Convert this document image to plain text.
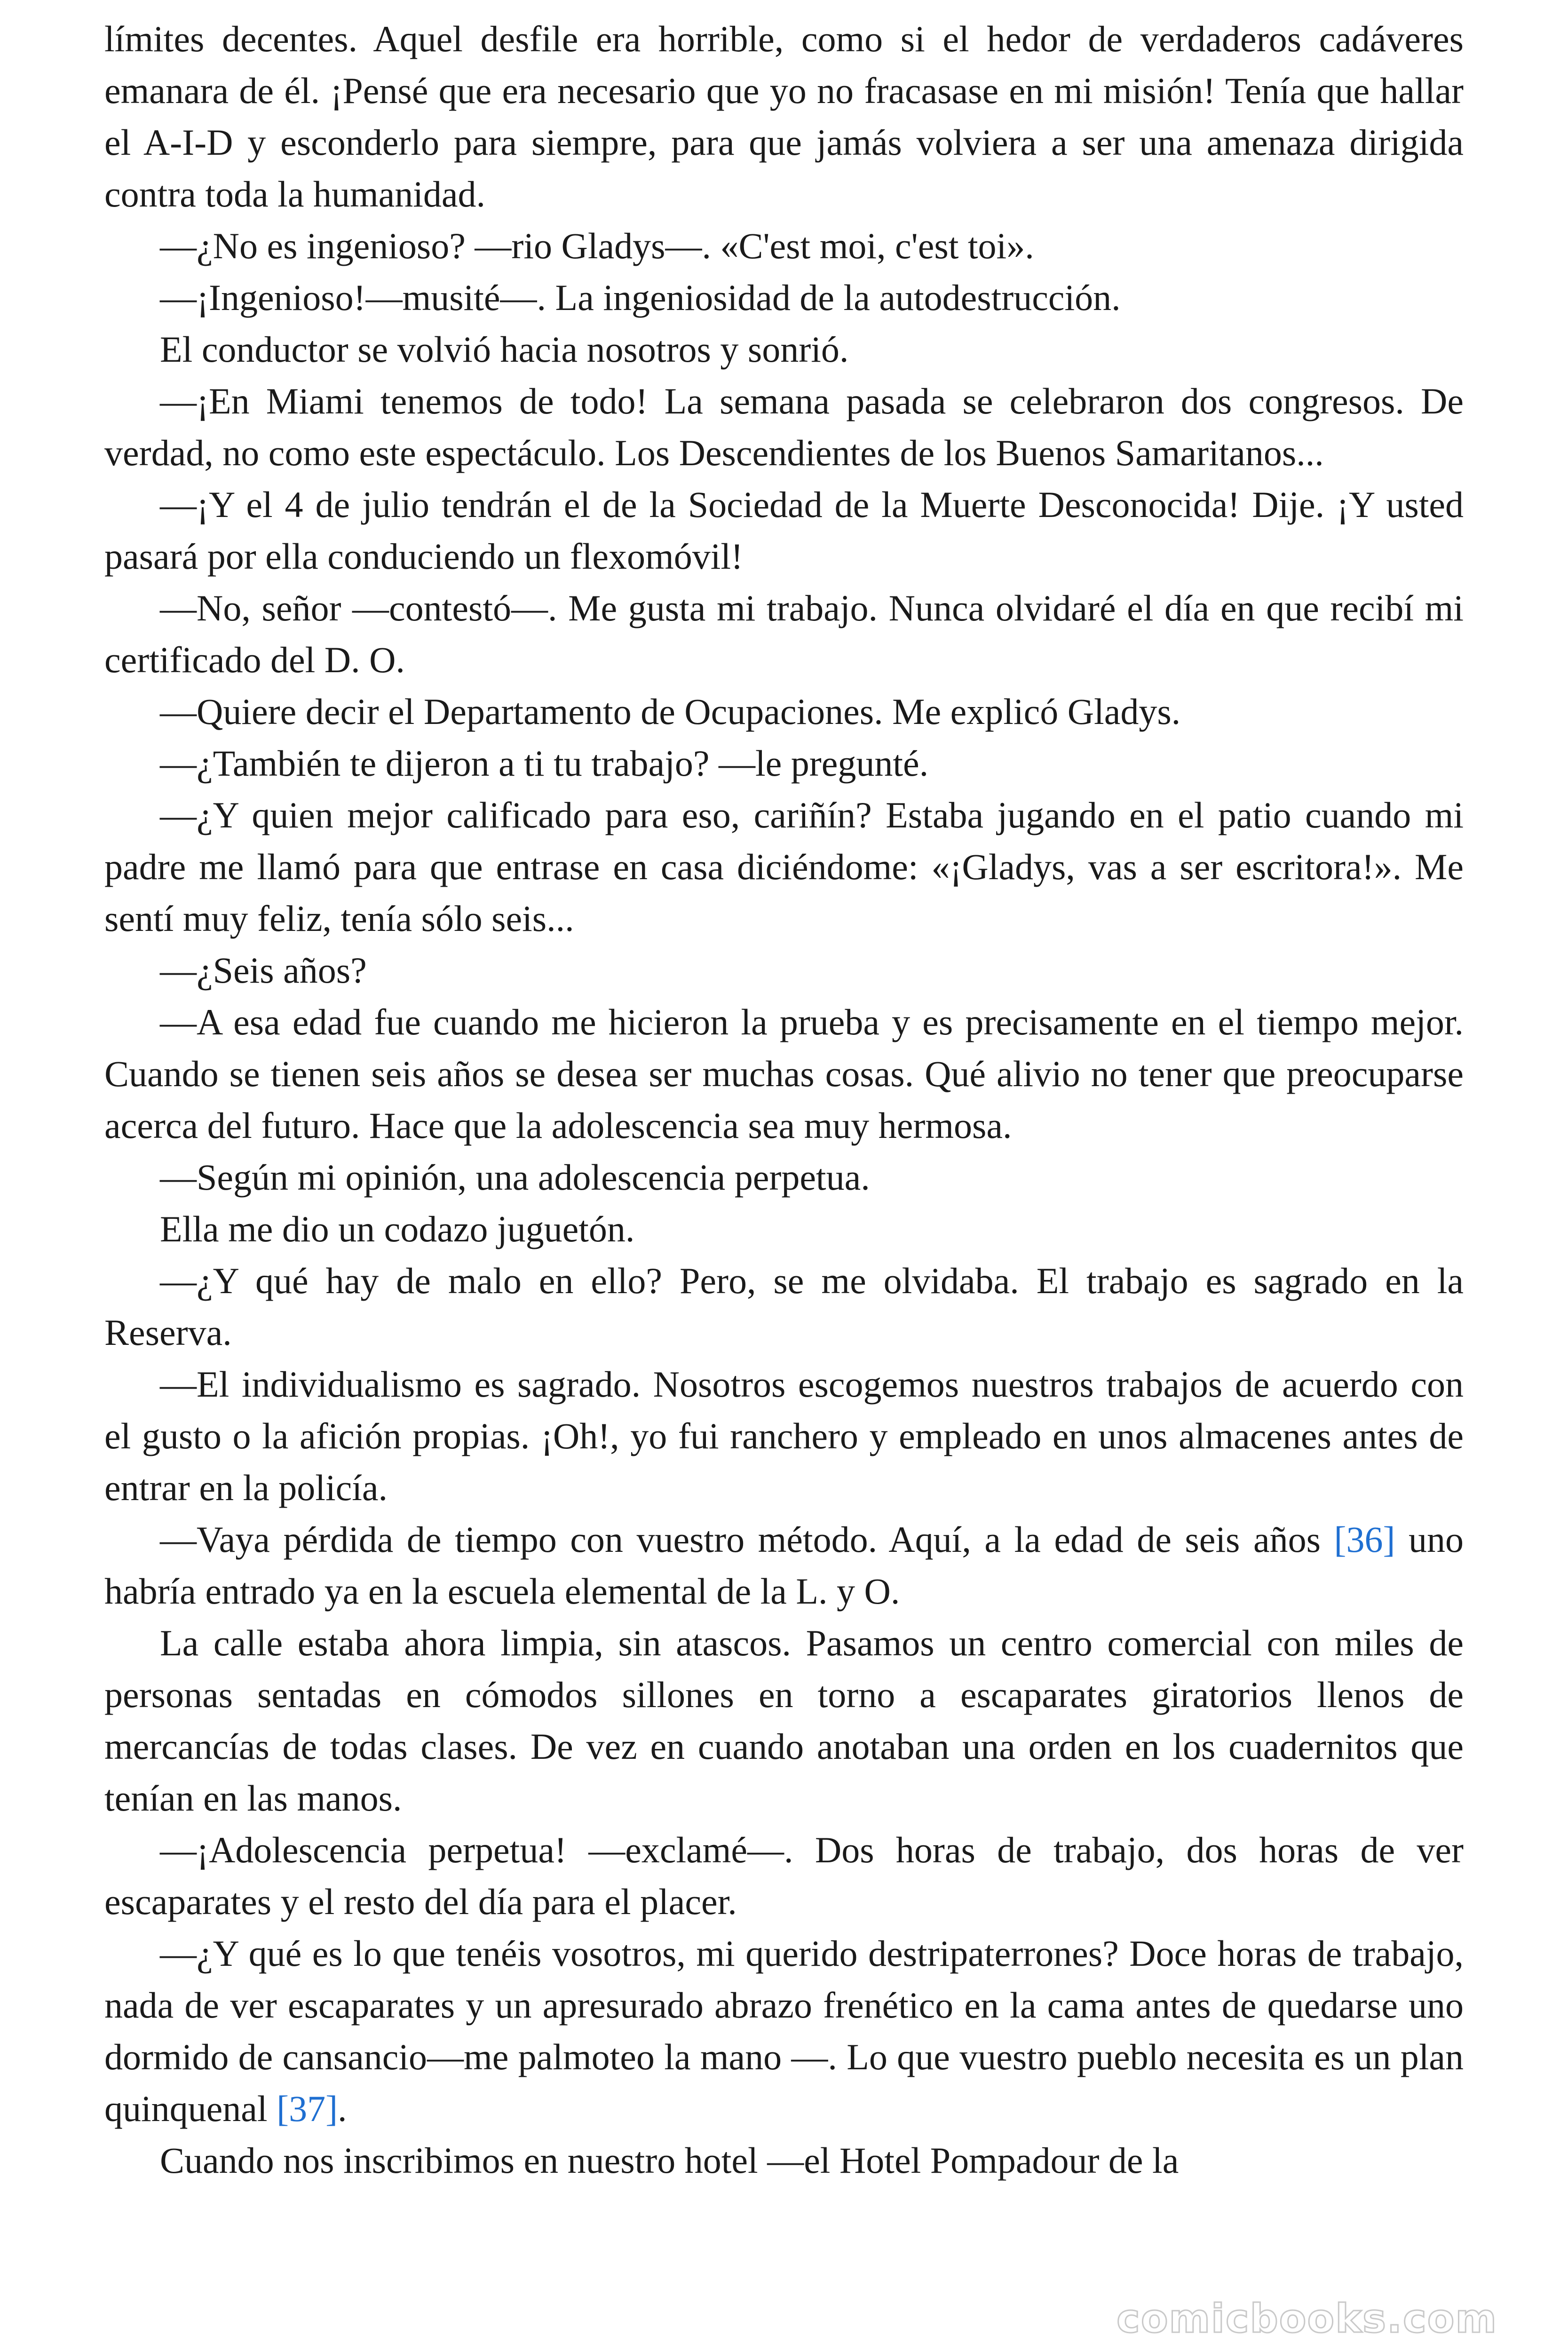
límites decentes. Aquel desfile era horrible, como si el hedor de verdaderos cadáveres emanara de él. ¡Pensé que era necesario que yo no fracasase en mi misión! Tenía que hallar el A-I-D y esconderlo para siempre, para que jamás volviera a ser una amenaza dirigida contra toda la humanidad.

—¿No es ingenioso? —rio Gladys—. «C'est moi, c'est toi».

—¡Ingenioso!—musité—. La ingeniosidad de la autodestrucción.

El conductor se volvió hacia nosotros y sonrió.

—¡En Miami tenemos de todo! La semana pasada se celebraron dos congresos. De verdad, no como este espectáculo. Los Descendientes de los Buenos Samaritanos...

—¡Y el 4 de julio tendrán el de la Sociedad de la Muerte Desconocida! Dije. ¡Y usted pasará por ella conduciendo un flexomóvil!

—No, señor —contestó—. Me gusta mi trabajo. Nunca olvidaré el día en que recibí mi certificado del D. O.

—Quiere decir el Departamento de Ocupaciones. Me explicó Gladys.

—¿También te dijeron a ti tu trabajo? —le pregunté.

—¿Y quien mejor calificado para eso, cariñín? Estaba jugando en el patio cuando mi padre me llamó para que entrase en casa diciéndome: «¡Gladys, vas a ser escritora!». Me sentí muy feliz, tenía sólo seis...

—¿Seis años?

—A esa edad fue cuando me hicieron la prueba y es precisamente en el tiempo mejor. Cuando se tienen seis años se desea ser muchas cosas. Qué alivio no tener que preocuparse acerca del futuro. Hace que la adolescencia sea muy hermosa.

—Según mi opinión, una adolescencia perpetua.

Ella me dio un codazo juguetón.

—¿Y qué hay de malo en ello? Pero, se me olvidaba. El trabajo es sagrado en la Reserva.

—El individualismo es sagrado. Nosotros escogemos nuestros trabajos de acuerdo con el gusto o la afición propias. ¡Oh!, yo fui ranchero y empleado en unos almacenes antes de entrar en la policía.

—Vaya pérdida de tiempo con vuestro método. Aquí, a la edad de seis años [36] uno habría entrado ya en la escuela elemental de la L. y O.

La calle estaba ahora limpia, sin atascos. Pasamos un centro comercial con miles de personas sentadas en cómodos sillones en torno a escaparates giratorios llenos de mercancías de todas clases. De vez en cuando anotaban una orden en los cuadernitos que tenían en las manos.

—¡Adolescencia perpetua! —exclamé—. Dos horas de trabajo, dos horas de ver escaparates y el resto del día para el placer.

—¿Y qué es lo que tenéis vosotros, mi querido destripaterrones? Doce horas de trabajo, nada de ver escaparates y un apresurado abrazo frenético en la cama antes de quedarse uno dormido de cansancio—me palmoteo la mano —. Lo que vuestro pueblo necesita es un plan quinquenal [37].

Cuando nos inscribimos en nuestro hotel —el Hotel Pompadour de la

comicbooks.com
